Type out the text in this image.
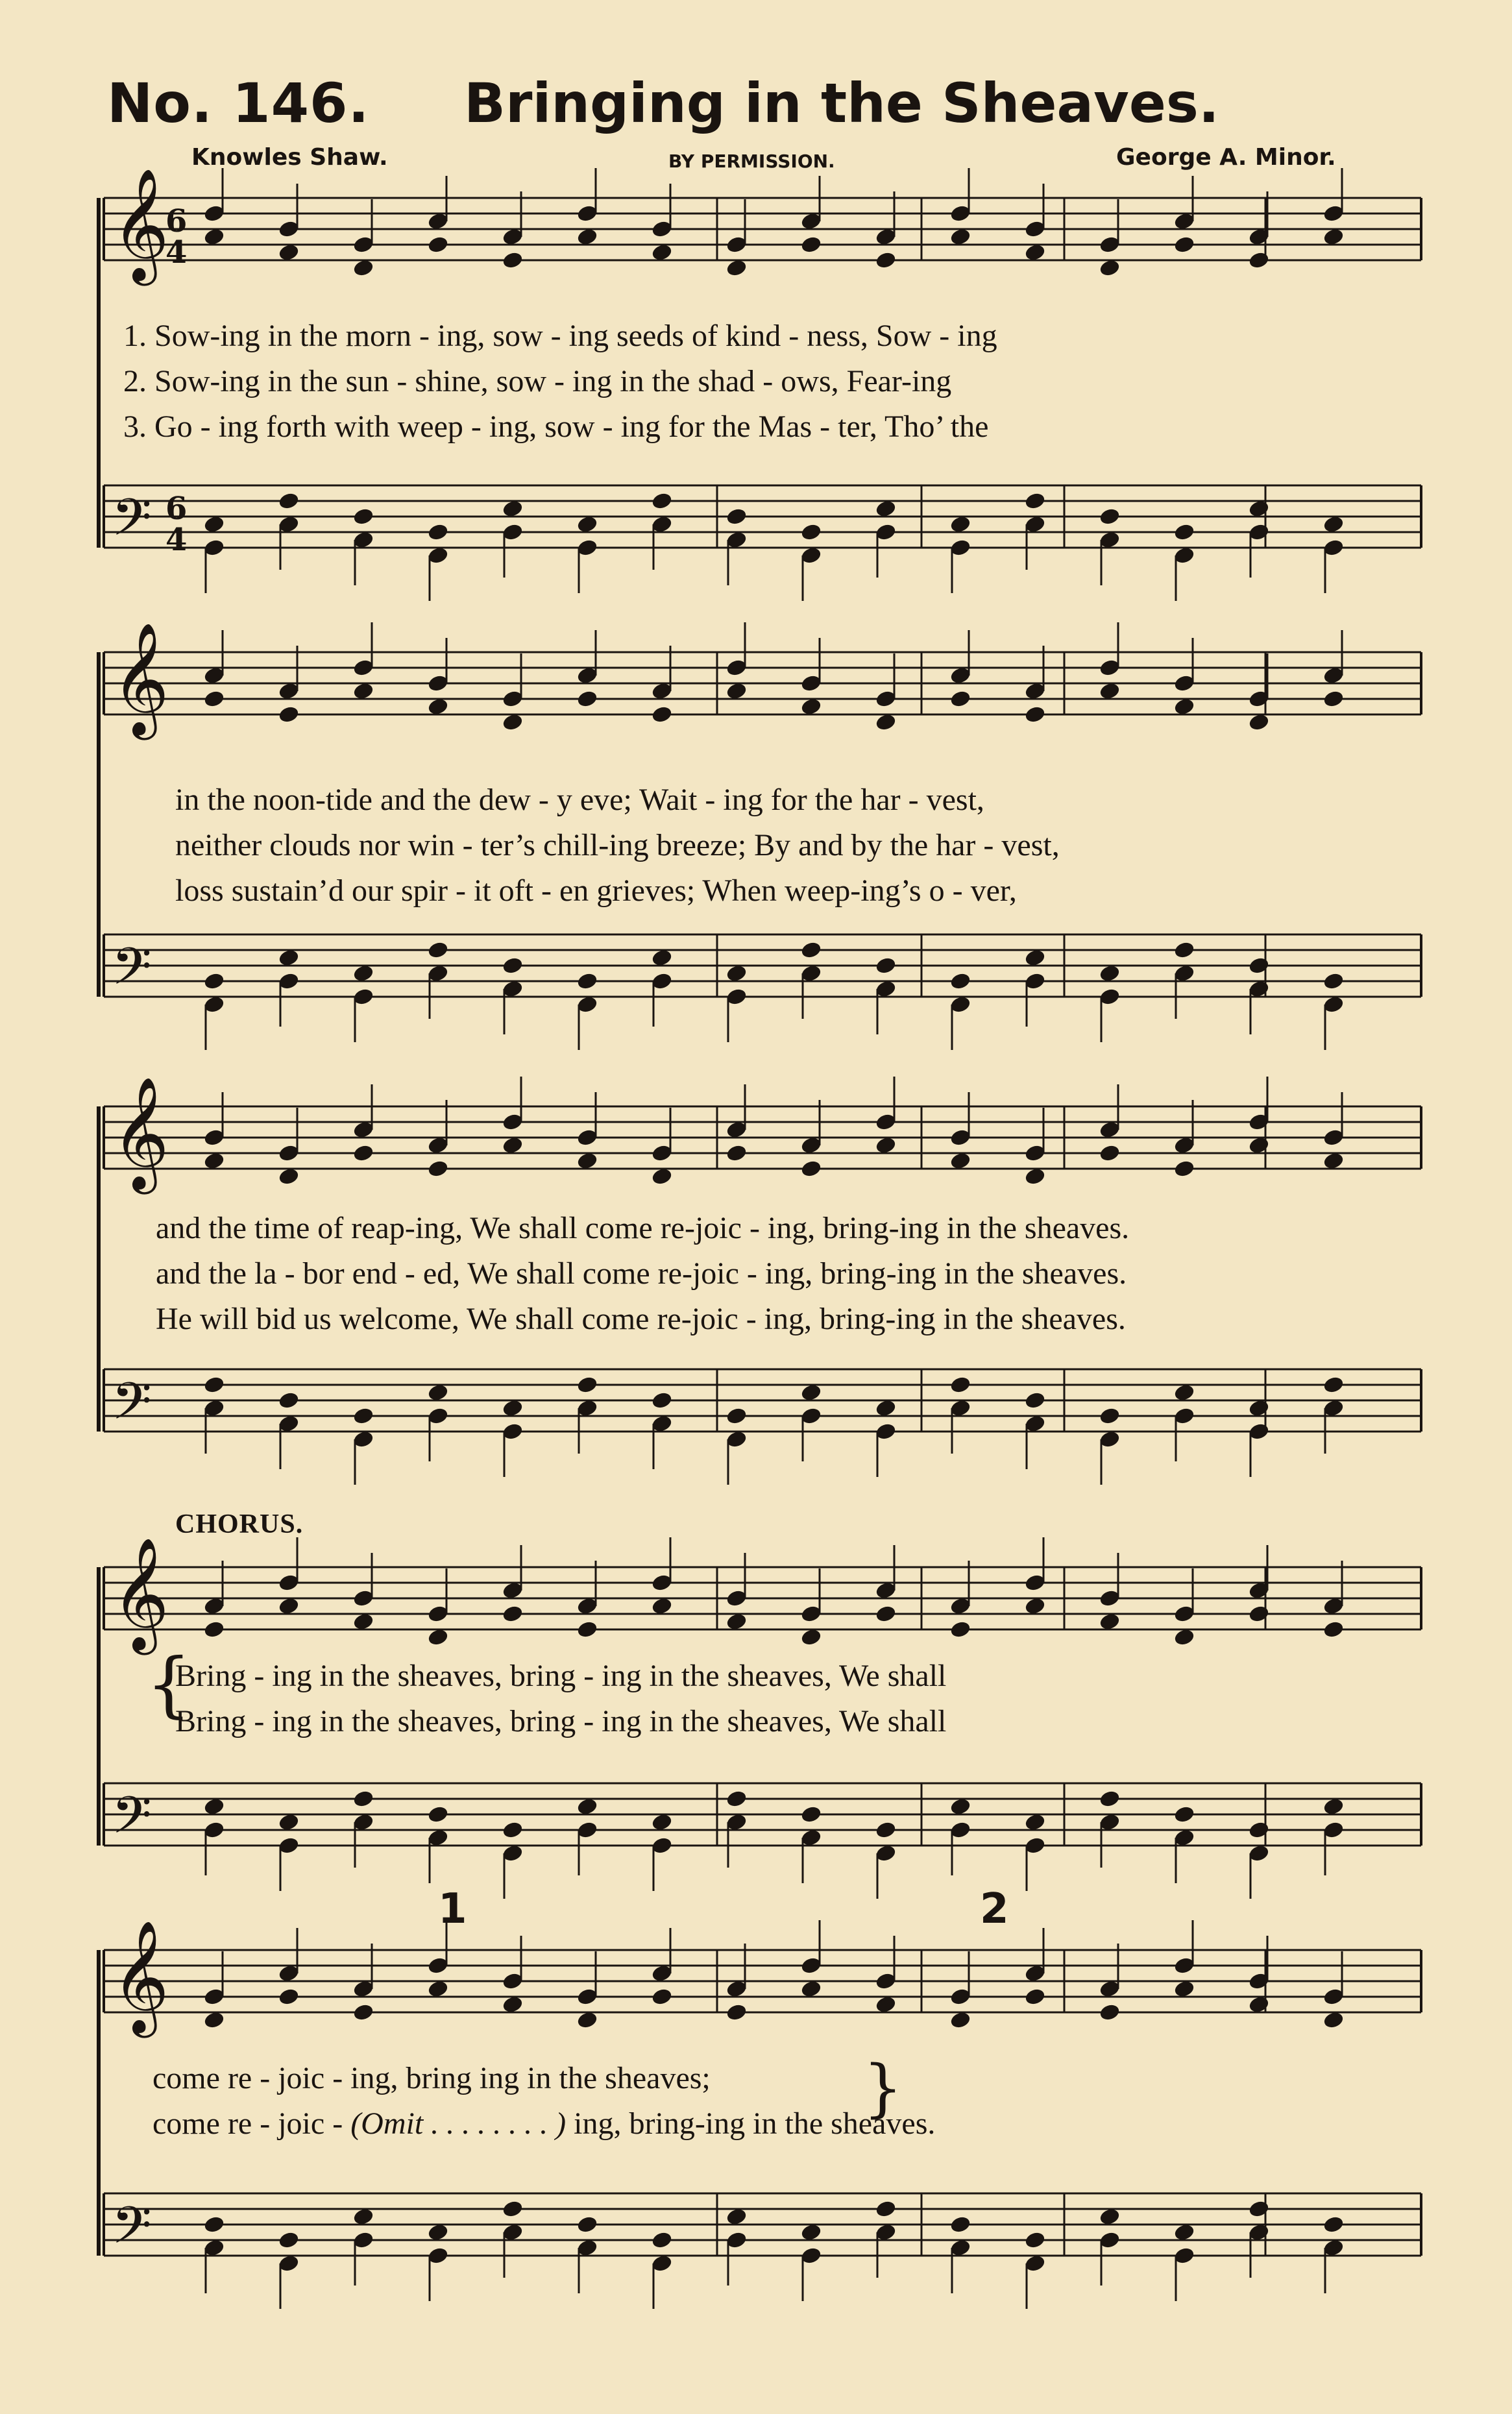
No. 146. Bringing in the Sheaves.
Knowles Shaw.	BY PERMISSION.	George A. Minor.
𝄞
6
4
𝄢 6
4
𝄞
𝄢
𝄞
𝄢
𝄞
𝄢
𝄞
𝄢
1. Sow-ing in the morn - ing, sow - ing seeds of kind - ness, Sow - ing
2. Sow-ing in the sun - shine, sow - ing in the shad - ows, Fear-ing
3. Go - ing forth with weep - ing, sow - ing for the Mas - ter, Tho’ the
in the noon-tide and the dew - y eve; Wait - ing for the har - vest,
neither clouds nor win - ter’s chill-ing breeze; By and by the har - vest,
loss sustain’d our spir - it oft - en grieves; When weep-ing’s o - ver,
and the time of reap-ing, We shall come re-joic - ing, bring-ing in the sheaves.
and the la - bor end - ed, We shall come re-joic - ing, bring-ing in the sheaves.
He will bid us welcome, We shall come re-joic - ing, bring-ing in the sheaves.
CHORUS.
{
Bring - ing in the sheaves, bring - ing in the sheaves, We shall
Bring - ing in the sheaves, bring - ing in the sheaves, We shall
1	2
}
come re - joic - ing, bring ing in the sheaves;
come re - joic - (Omit . . . . . . . . ) ing, bring-ing in the sheaves.
